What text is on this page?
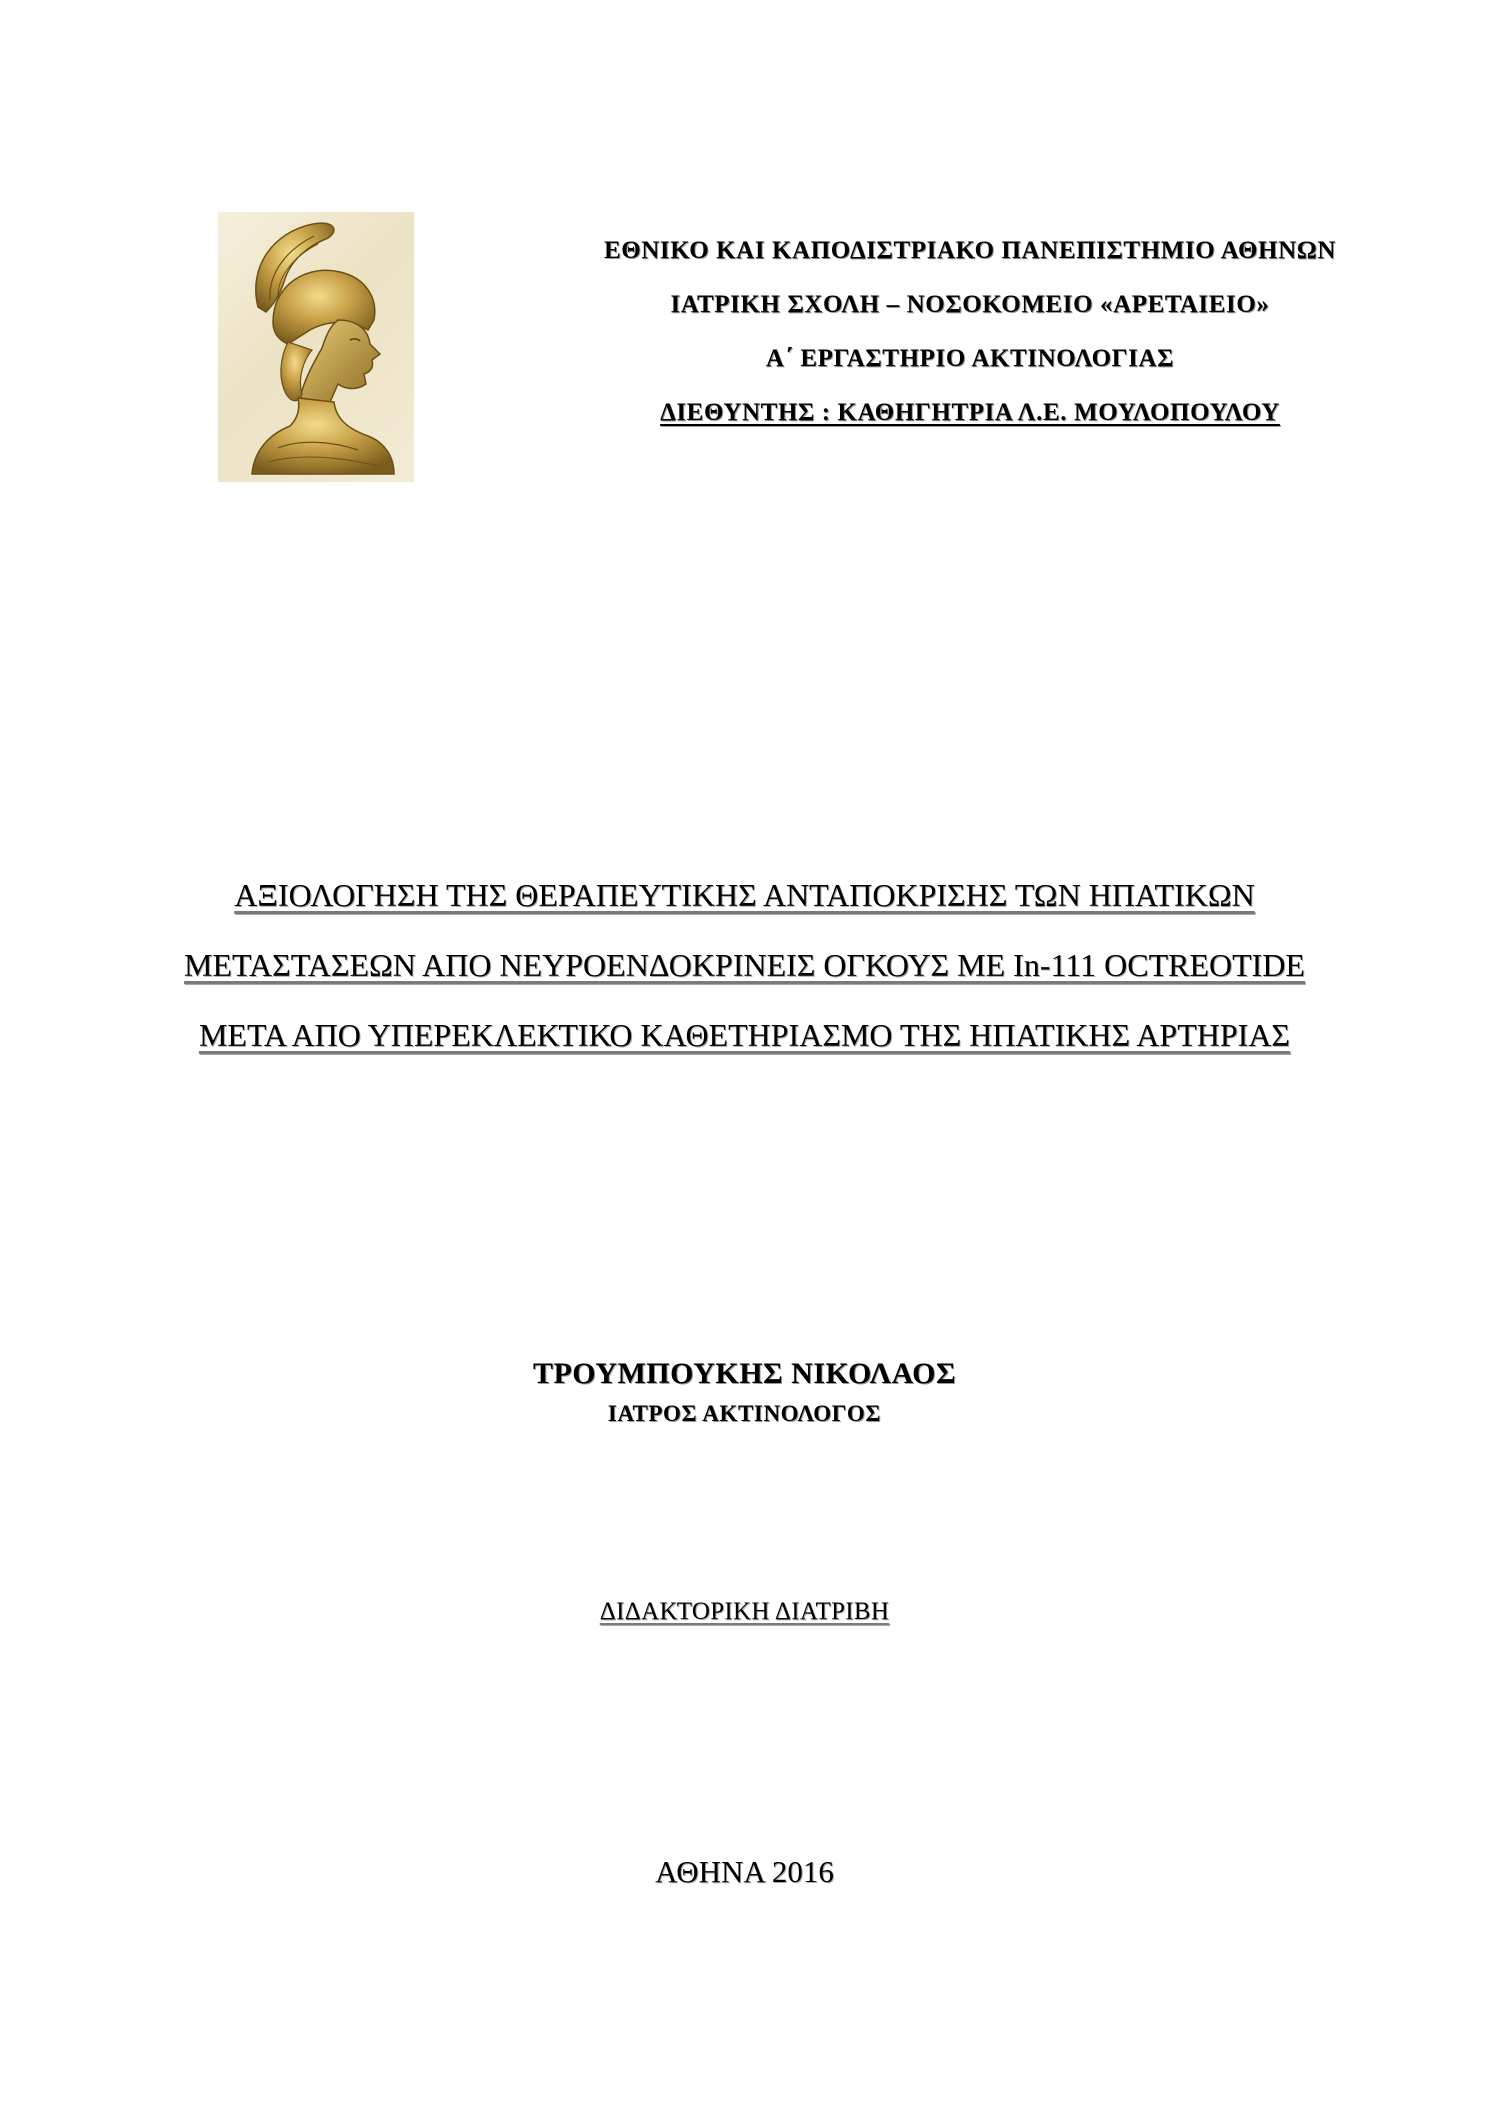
ΕΘΝΙΚΟ ΚΑΙ ΚΑΠΟΔΙΣΤΡΙΑΚΟ ΠΑΝΕΠΙΣΤΗΜΙΟ ΑΘΗΝΩΝ
ΙΑΤΡΙΚΗ ΣΧΟΛΗ – ΝΟΣΟΚΟΜΕΙΟ «ΑΡΕΤΑΙΕΙΟ»
Α΄ ΕΡΓΑΣΤΗΡΙΟ ΑΚΤΙΝΟΛΟΓΙΑΣ
ΔΙΕΘΥΝΤΗΣ : ΚΑΘΗΓΗΤΡΙΑ Λ.Ε. ΜΟΥΛΟΠΟΥΛΟΥ
ΑΞΙΟΛΟΓΗΣΗ ΤΗΣ ΘΕΡΑΠΕΥΤΙΚΗΣ ΑΝΤΑΠΟΚΡΙΣΗΣ ΤΩΝ ΗΠΑΤΙΚΩΝ
ΜΕΤΑΣΤΑΣΕΩΝ ΑΠΟ ΝΕΥΡΟΕΝΔΟΚΡΙΝΕΙΣ ΟΓΚΟΥΣ ΜΕ In-111 OCTREOTIDE
ΜΕΤΑ ΑΠΟ ΥΠΕΡΕΚΛΕΚΤΙΚΟ ΚΑΘΕΤΗΡΙΑΣΜΟ ΤΗΣ ΗΠΑΤΙΚΗΣ ΑΡΤΗΡΙΑΣ
ΤΡΟΥΜΠΟΥΚΗΣ ΝΙΚΟΛΑΟΣ
ΙΑΤΡΟΣ ΑΚΤΙΝΟΛΟΓΟΣ
ΔΙΔΑΚΤΟΡΙΚΗ ΔΙΑΤΡΙΒΗ
ΑΘΗΝΑ 2016
